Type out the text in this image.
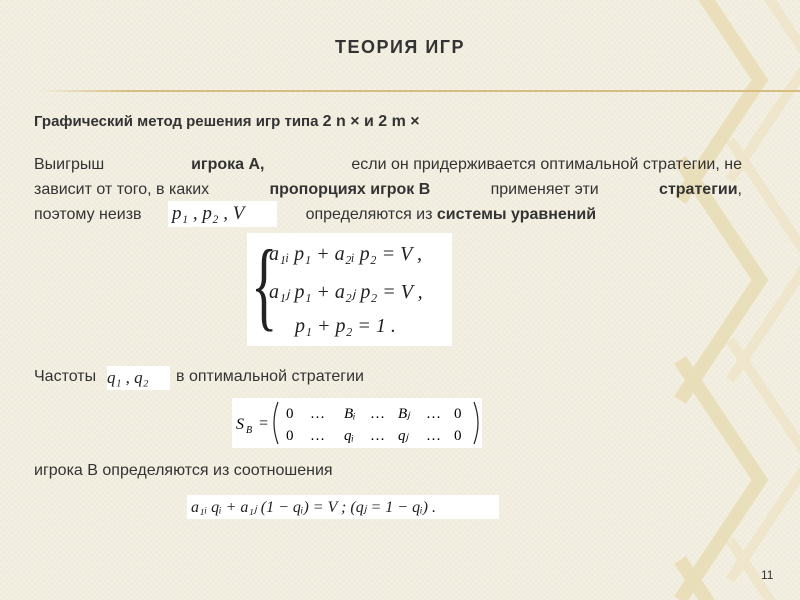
ТЕОРИЯ ИГР
Графический метод решения игр типа 2 n × и 2 m ×
Выигрыш	игрока А,	если он придерживается оптимальной стратегии, не
зависит от того, в каких	пропорциях игрок В	применяет эти	стратегии,
поэтому неизв	определяются из
системы уравнений
p₁ , p₂ , V
{
a₁ᵢ p₁ + a₂ᵢ p₂ = V ,
a₁ⱼ p₁ + a₂ⱼ p₂ = V ,
p₁ + p₂ = 1 .
Частоты q₁ , q₂	в оптимальной стратегии
S B =
0 … Bᵢ … Bⱼ … 0
0 … qᵢ … qⱼ … 0
игрока В определяются из соотношения
a₁ᵢ qᵢ + a₁ⱼ (1 − qᵢ) = V ; (qⱼ = 1 − qᵢ) .
11
